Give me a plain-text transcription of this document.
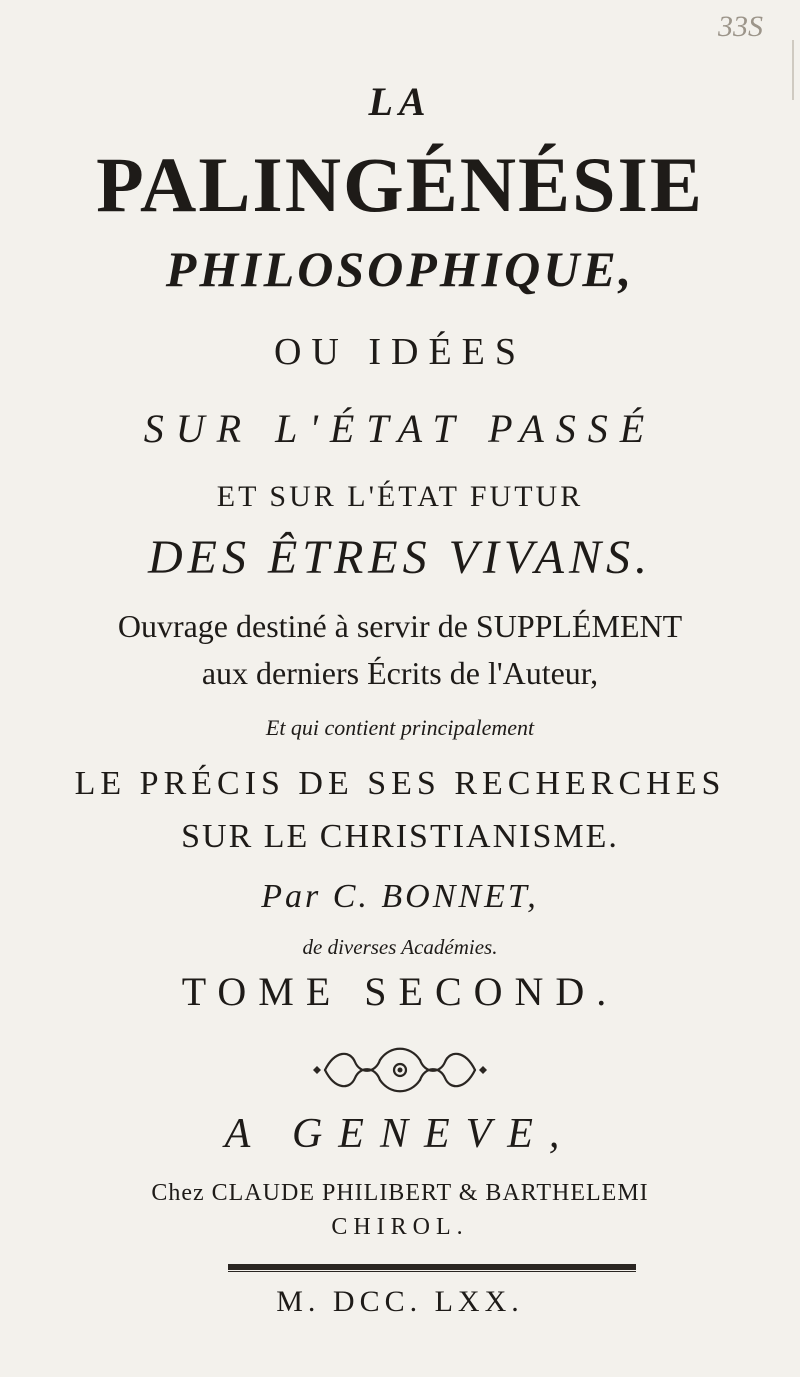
33S
LA
PALINGÉNÉSIE
PHILOSOPHIQUE,
OU IDÉES
SUR L'ÉTAT PASSÉ
ET SUR L'ÉTAT FUTUR
DES ÊTRES VIVANS.
Ouvrage destiné à servir de SUPPLÉMENT
aux derniers Écrits de l'Auteur,
Et qui contient principalement
LE PRÉCIS DE SES RECHERCHES
SUR LE CHRISTIANISME.
Par C. BONNET,
de diverses Académies.
TOME SECOND.
A GENEVE,
Chez CLAUDE PHILIBERT & BARTHELEMI
CHIROL.
M. DCC. LXX.
